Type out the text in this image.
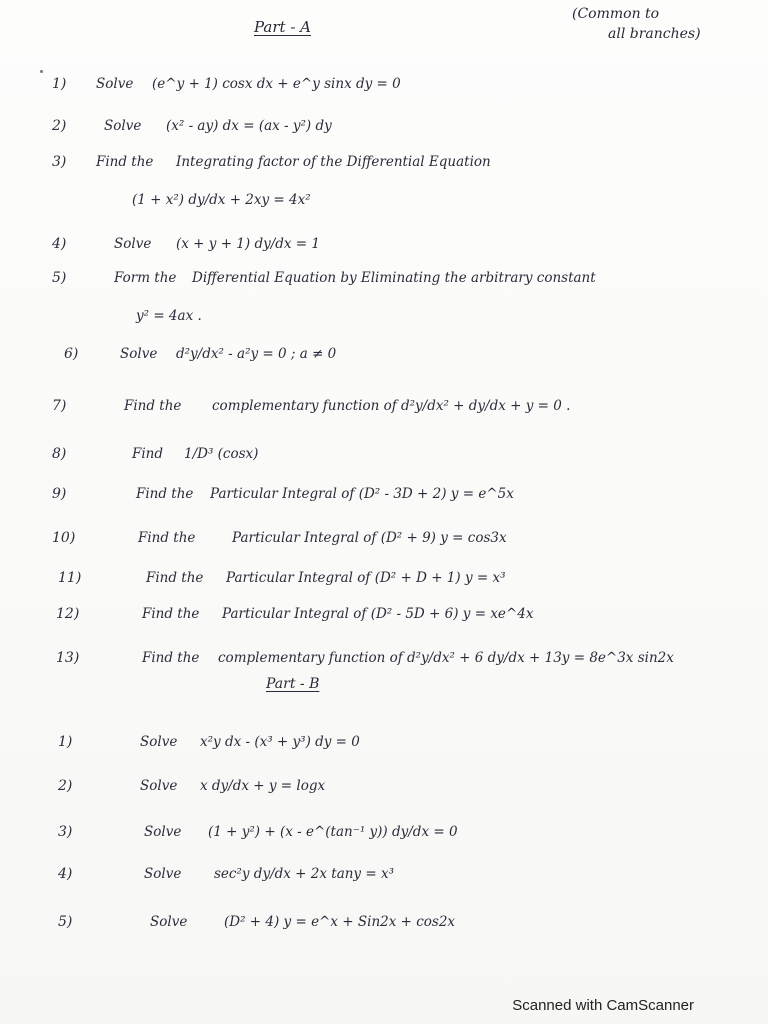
Part - A
(Common to
all branches)
1) Solve (e^y + 1) cosx dx + e^y sinx dy = 0
2)	Solve (x² - ay) dx = (ax - y²) dy
3) Find the Integrating factor of the Differential Equation
(1 + x²) dy/dx + 2xy = 4x²
4)	Solve (x + y + 1) dy/dx = 1
5)	Form the Differential Equation by Eliminating the arbitrary constant
y² = 4ax .
6)	Solve d²y/dx² - a²y = 0 ; a ≠ 0
7)	Find the complementary function of d²y/dx² + dy/dx + y = 0 .
8)	Find 1/D³ (cosx)
9)	Find the Particular Integral of (D² - 3D + 2) y = e^5x
10)	Find the	Particular Integral of (D² + 9) y = cos3x
11)	Find the Particular Integral of (D² + D + 1) y = x³
12)	Find the Particular Integral of (D² - 5D + 6) y = xe^4x
13)	Find the complementary function of d²y/dx² + 6 dy/dx + 13y = 8e^3x sin2x
Part - B
1)	Solve x²y dx - (x³ + y³) dy = 0
2)	Solve x dy/dx + y = logx
3)	Solve (1 + y²) + (x - e^(tan⁻¹ y)) dy/dx = 0
4)	Solve sec²y dy/dx + 2x tany = x³
5)	Solve	(D² + 4) y = e^x + Sin2x + cos2x
Scanned with CamScanner
